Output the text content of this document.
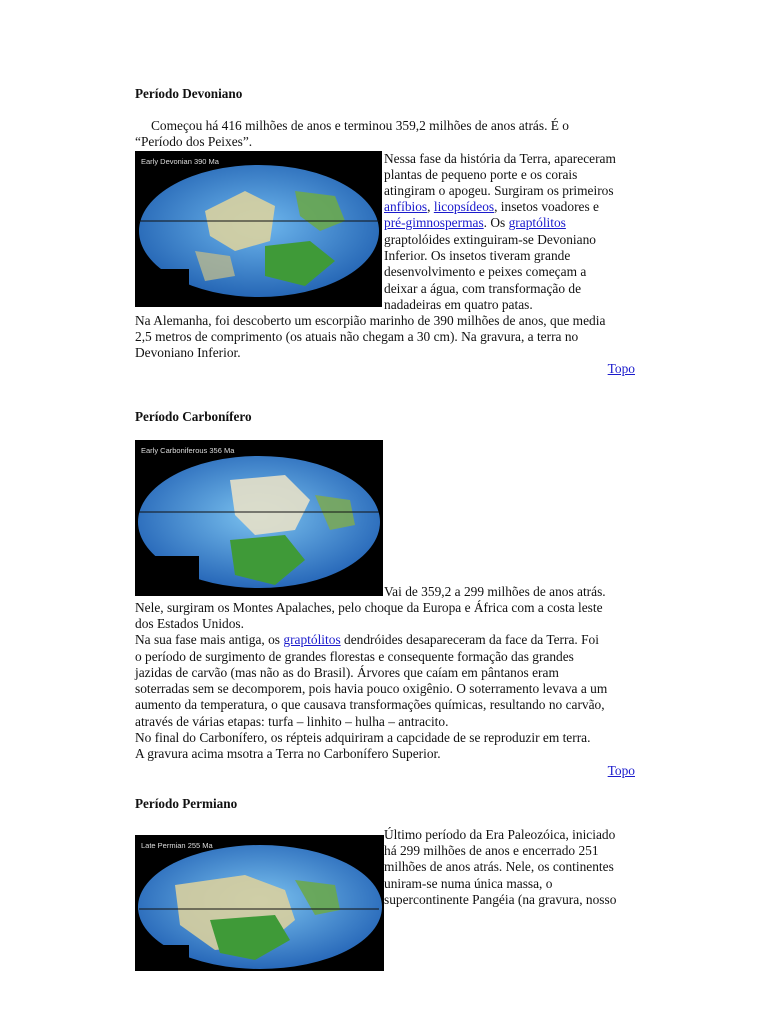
Período Devoniano
Começou há 416 milhões de anos e terminou 359,2 milhões de anos atrás. É o
“Período dos Peixes”.
Early Devonian 390 Ma	Nessa fase da história da Terra, apareceram
plantas de pequeno porte e os corais
atingiram o apogeu. Surgiram os primeiros
anfíbios, licopsídeos, insetos voadores e
pré-gimnospermas. Os graptólitos
graptolóides extinguiram-se Devoniano
Inferior. Os insetos tiveram grande
desenvolvimento e peixes começam a
deixar a água, com transformação de
nadadeiras em quatro patas.
Na Alemanha, foi descoberto um escorpião marinho de 390 milhões de anos, que media
2,5 metros de comprimento (os atuais não chegam a 30 cm). Na gravura, a terra no
Devoniano Inferior.
Topo
Período Carbonífero
Early Carboniferous 356 Ma
Vai de 359,2 a 299 milhões de anos atrás.
Nele, surgiram os Montes Apalaches, pelo choque da Europa e África com a costa leste
dos Estados Unidos.
Na sua fase mais antiga, os graptólitos dendróides desapareceram da face da Terra. Foi
o período de surgimento de grandes florestas e consequente formação das grandes
jazidas de carvão (mas não as do Brasil). Árvores que caíam em pântanos eram
soterradas sem se decomporem, pois havia pouco oxigênio. O soterramento levava a um
aumento da temperatura, o que causava transformações químicas, resultando no carvão,
através de várias etapas: turfa – linhito – hulha – antracito.
No final do Carbonífero, os répteis adquiriram a capcidade de se reproduzir em terra.
A gravura acima msotra a Terra no Carbonífero Superior.
Topo
Período Permiano
Late Permian 255 Ma
Último período da Era Paleozóica, iniciado
há 299 milhões de anos e encerrado 251
milhões de anos atrás. Nele, os continentes
uniram-se numa única massa, o
supercontinente Pangéia (na gravura, nosso
